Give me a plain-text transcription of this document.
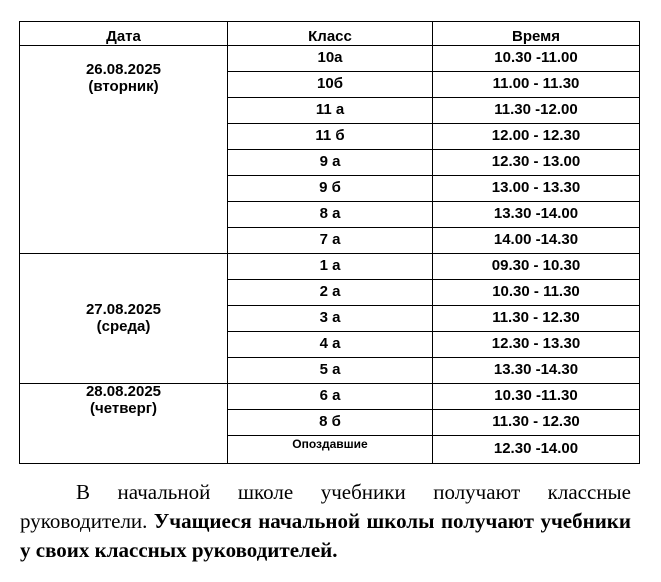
Дата	Класс	Время

26.08.2025
(вторник)	10а	10.30 -11.00
	10б	11.00 - 11.30
	11 а	11.30 -12.00
	11 б	12.00 - 12.30
	9 а	12.30 - 13.00
	9 б	13.00 - 13.30
	8 а	13.30 -14.00
	7 а	14.00 -14.30

27.08.2025
(среда)	1 а	09.30 - 10.30
	2 а	10.30 - 11.30
	3 а	11.30 - 12.30
	4 а	12.30 - 13.30
	5 а	13.30 -14.30

28.08.2025
(четверг)	6 а	10.30 -11.30
	8 б	11.30 - 12.30
	Опоздавшие	12.30 -14.00

В начальной школе учебники получают классные руководители. Учащиеся начальной школы получают учебники у своих классных руководителей.
